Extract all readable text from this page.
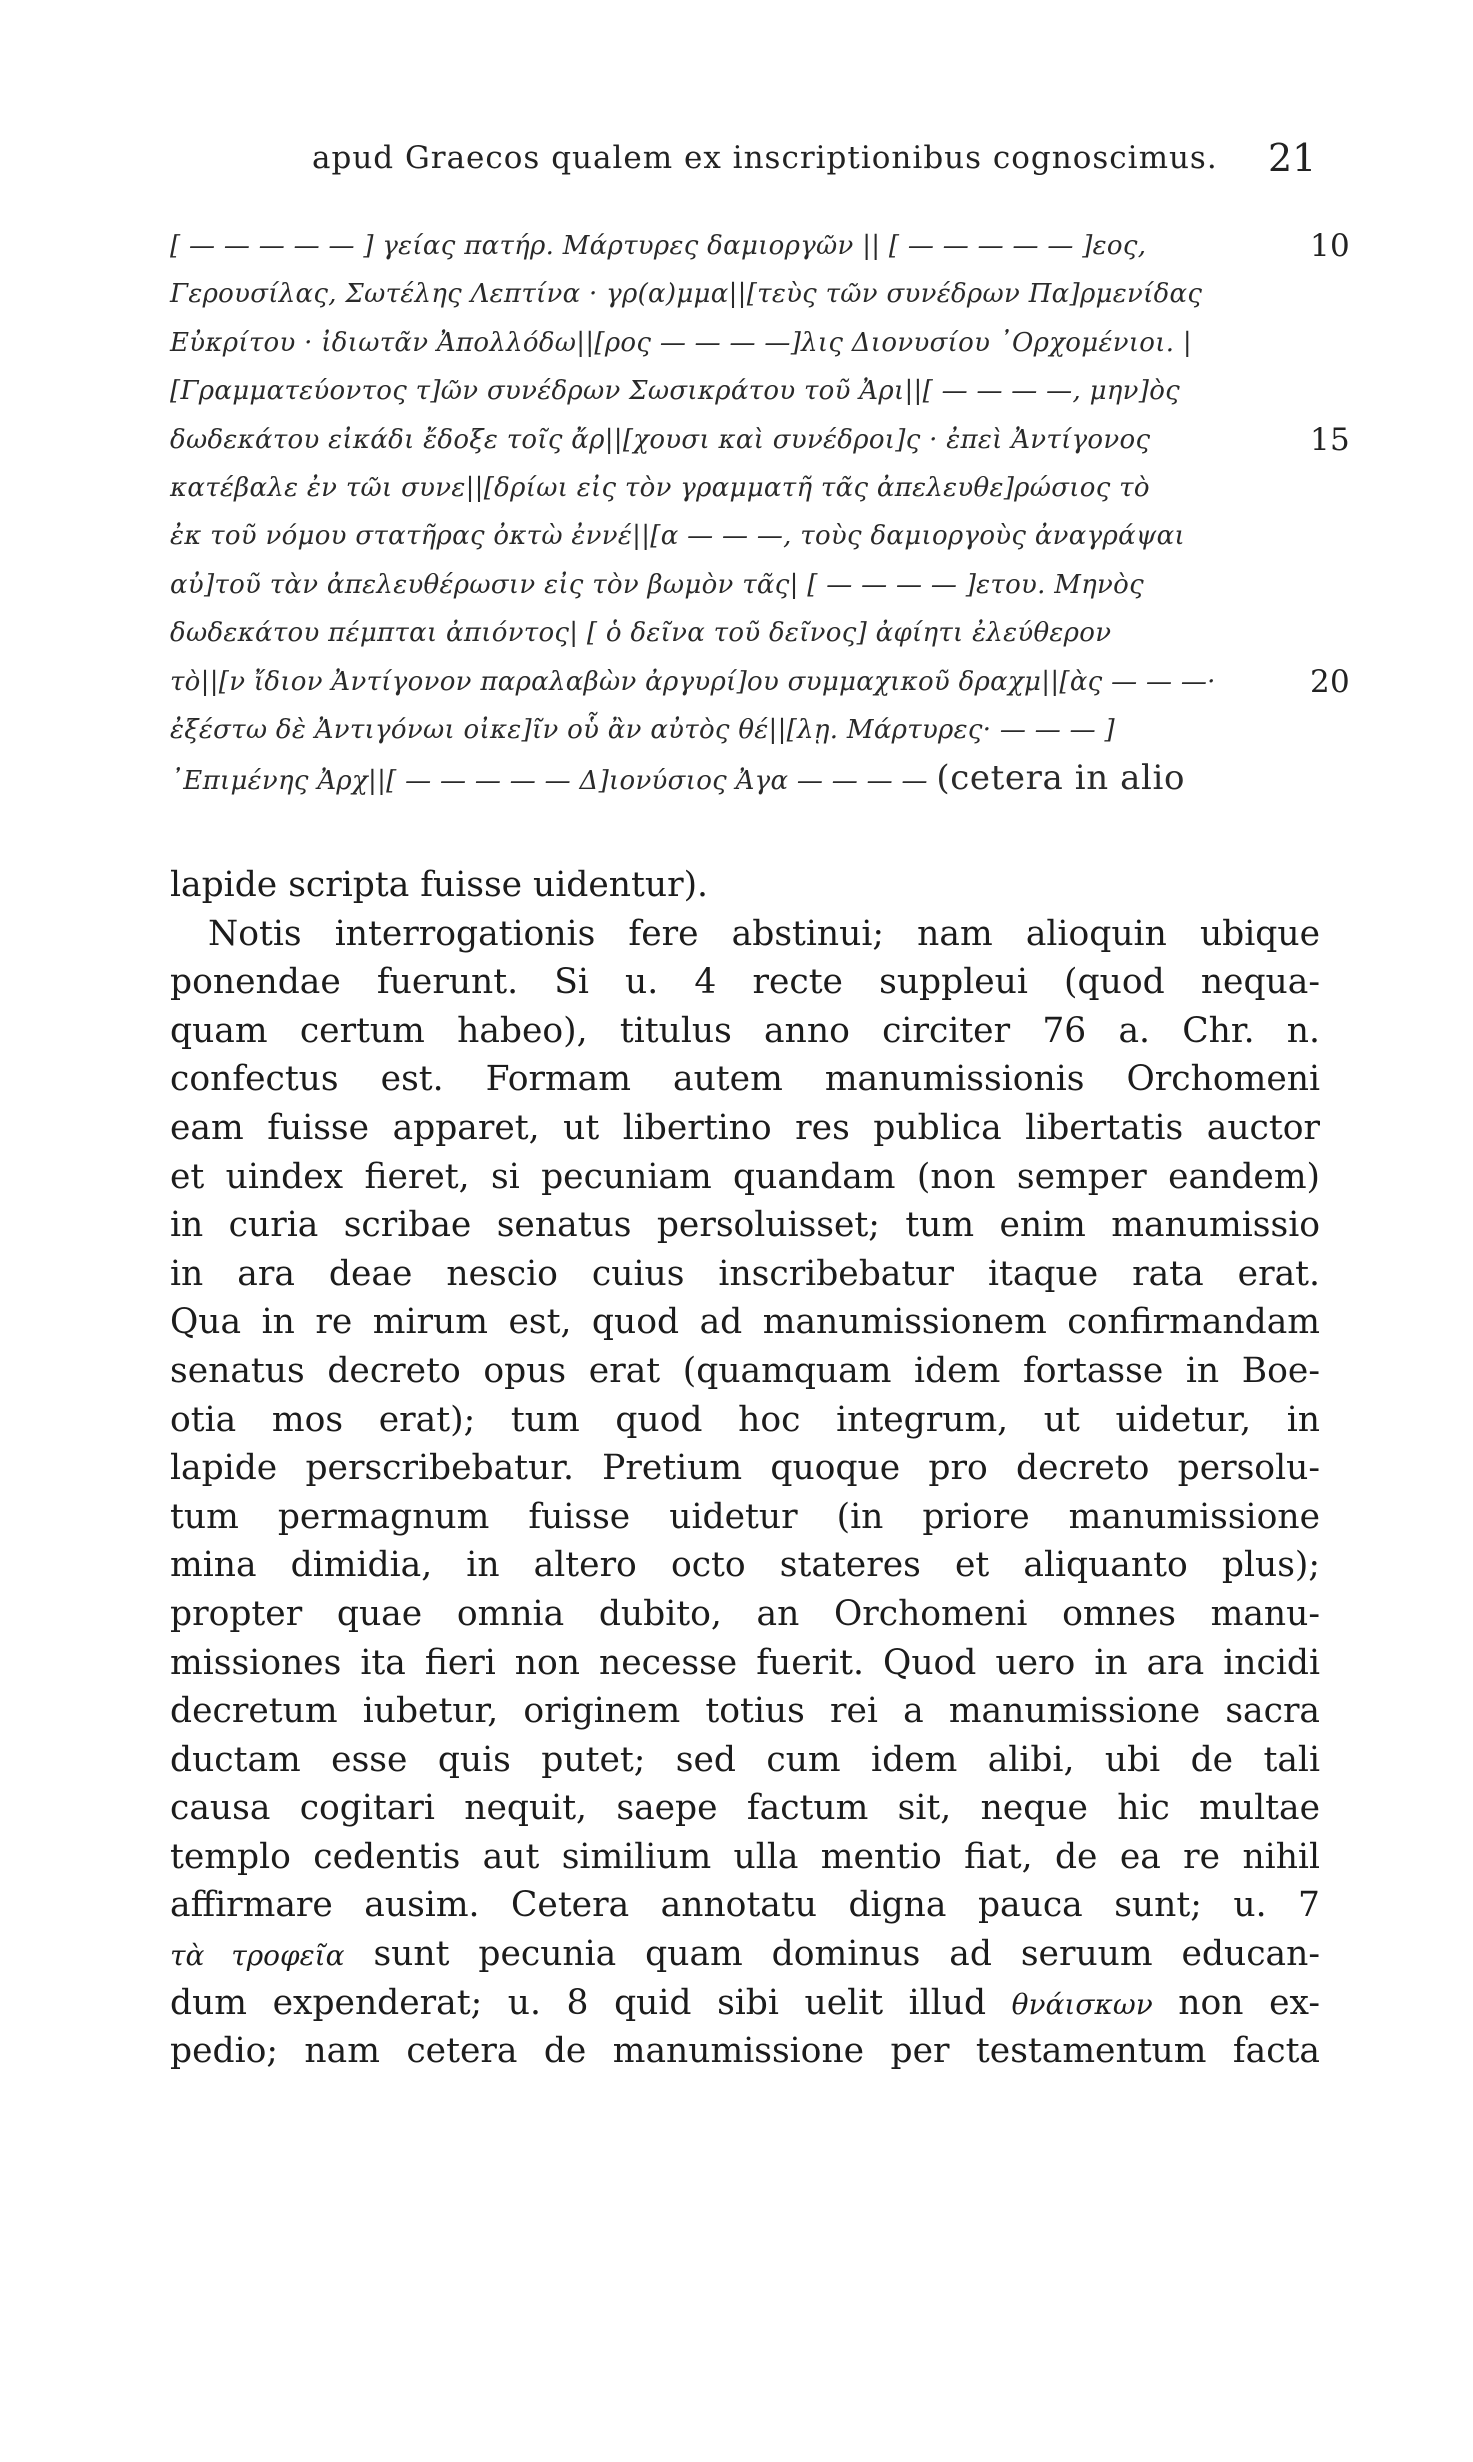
apud Graecos qualem ex inscriptionibus cognoscimus. 21
[ — — — — — ] γείας πατήρ. Μάρτυρες δαμιοργῶν || [ — — — — — ]εος,	10
Γερουσίλας, Σωτέλης Λεπτίνα · γρ(α)μμα||[τεὺς τῶν συνέδρων Πα]ρμενίδας
Εὐκρίτου · ἰδιωτᾶν Ἀπολλόδω||[ρος — — — —]λις Διονυσίου ᾿Ορχομένιοι. |
[Γραμματεύοντος τ]ῶν συνέδρων Σωσικράτου τοῦ Ἀρι||[ — — — —, μην]ὸς
δωδεκάτου εἰκάδι ἔδοξε τοῖς ἄρ||[χουσι καὶ συνέδροι]ς · ἐπεὶ Ἀντίγονος	15
κατέβαλε ἐν τῶι συνε||[δρίωι εἰς τὸν γραμματῆ τᾶς ἀπελευθε]ρώσιος τὸ
ἐκ τοῦ νόμου στατῆρας ὀκτὼ ἐννέ||[α — — —, τοὺς δαμιοργοὺς ἀναγράψαι
αὐ]τοῦ τὰν ἀπελευθέρωσιν εἰς τὸν βωμὸν τᾶς| [ — — — — ]ετου. Μηνὸς
δωδεκάτου πέμπται ἀπιόντος| [ ὁ δεῖνα τοῦ δεῖνος] ἀφίητι ἐλεύθερον
τὸ||[ν ἴδιον Ἀντίγονον παραλαβὼν ἀργυρί]ου συμμαχικοῦ δραχμ||[ὰς — — —·	20
ἐξέστω δὲ Ἀντιγόνωι οἰκε]ῖν οὗ ἂν αὐτὸς θέ||[λῃ. Μάρτυρες· — — — ]
᾿Επιμένης Ἀρχ||[ — — — — — Δ]ιονύσιος Ἀγα — — — — (cetera in alio
lapide scripta fuisse uidentur).
Notis interrogationis fere abstinui; nam alioquin ubique
ponendae fuerunt. Si u. 4 recte suppleui (quod nequa-
quam certum habeo), titulus anno circiter 76 a. Chr. n.
confectus est. Formam autem manumissionis Orchomeni
eam fuisse apparet, ut libertino res publica libertatis auctor
et uindex fieret, si pecuniam quandam (non semper eandem)
in curia scribae senatus persoluisset; tum enim manumissio
in ara deae nescio cuius inscribebatur itaque rata erat.
Qua in re mirum est, quod ad manumissionem confirmandam
senatus decreto opus erat (quamquam idem fortasse in Boe-
otia mos erat); tum quod hoc integrum, ut uidetur, in
lapide perscribebatur. Pretium quoque pro decreto persolu-
tum permagnum fuisse uidetur (in priore manumissione
mina dimidia, in altero octo stateres et aliquanto plus);
propter quae omnia dubito, an Orchomeni omnes manu-
missiones ita fieri non necesse fuerit. Quod uero in ara incidi
decretum iubetur, originem totius rei a manumissione sacra
ductam esse quis putet; sed cum idem alibi, ubi de tali
causa cogitari nequit, saepe factum sit, neque hic multae
templo cedentis aut similium ulla mentio fiat, de ea re nihil
affirmare ausim. Cetera annotatu digna pauca sunt; u. 7
τὰ τροφεῖα sunt pecunia quam dominus ad seruum educan-
dum expenderat; u. 8 quid sibi uelit illud θνάισκων non ex-
pedio; nam cetera de manumissione per testamentum facta
